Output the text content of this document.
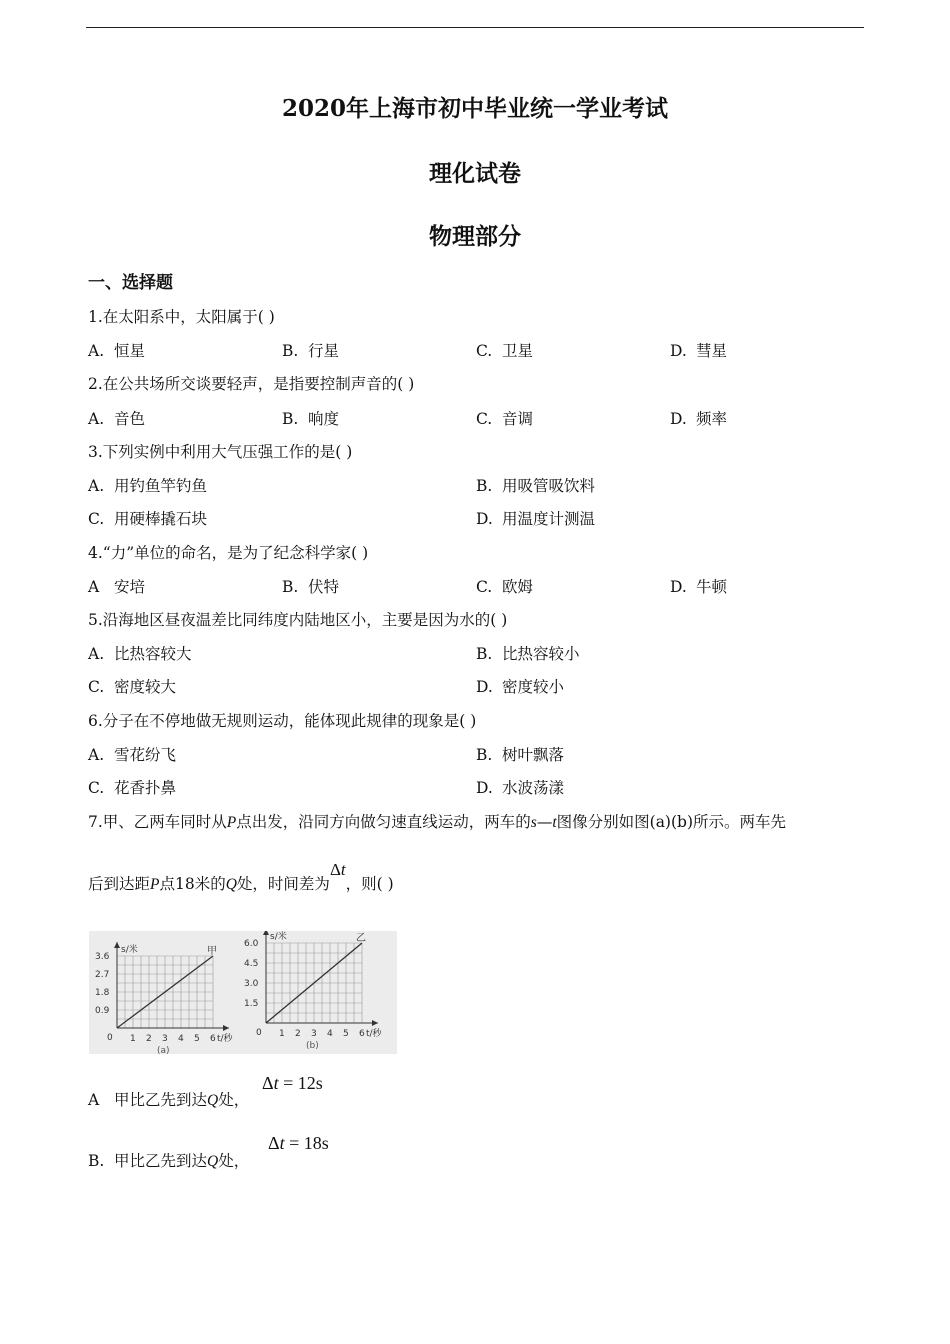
2020年上海市初中毕业统一学业考试
理化试卷
物理部分
一、选择题
1.在太阳系中，太阳属于( )
A. 恒星	B. 行星	C. 卫星	D. 彗星
2.在公共场所交谈要轻声，是指要控制声音的( )
A. 音色	B. 响度	C. 音调	D. 频率
3.下列实例中利用大气压强工作的是( )
A. 用钓鱼竿钓鱼	B. 用吸管吸饮料
C. 用硬棒撬石块	D. 用温度计测温
4.“力”单位的命名，是为了纪念科学家( )
A 安培	B. 伏特	C. 欧姆	D. 牛顿
5.沿海地区昼夜温差比同纬度内陆地区小，主要是因为水的( )
A. 比热容较大	B. 比热容较小
C. 密度较大	D. 密度较小
6.分子在不停地做无规则运动，能体现此规律的现象是( )
A. 雪花纷飞	B. 树叶飘落
C. 花香扑鼻	D. 水波荡漾
7.甲、乙两车同时从P点出发，沿同方向做匀速直线运动，两车的s—t图像分别如图(a)(b)所示。两车先
后到达距P点18米的Q处，时间差为Δt，则( )
s/米
t/秒
1 2 3 4 5 6
3.6
2.7
1.8
0.9
0
甲
(a)
s/米
t/秒
1 2 3 4 5 6
6.0
4.5
3.0
1.5
0
乙
(b)
A 甲比乙先到达Q处，
Δt = 12s
B. 甲比乙先到达Q处，
Δt = 18s
